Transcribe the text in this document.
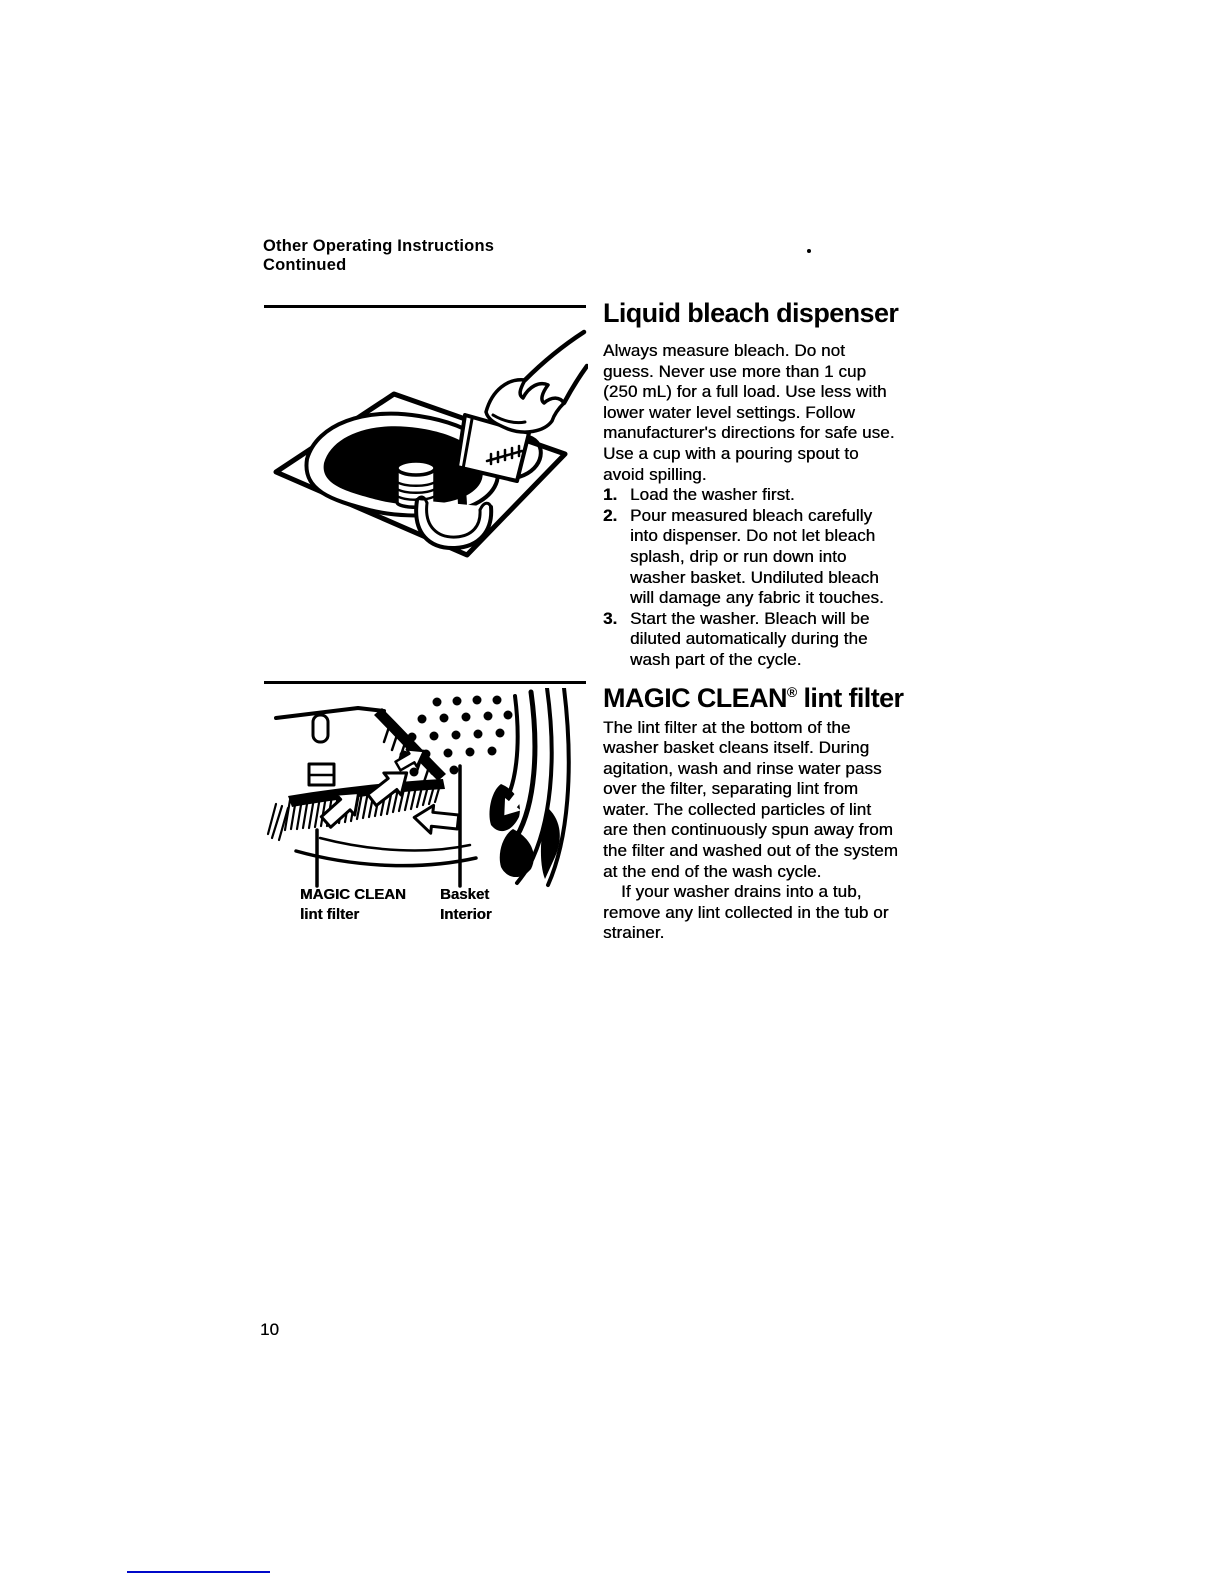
Other Operating Instructions
Continued
MAGIC CLEAN
lint filter
Basket
Interior
Liquid bleach dispenser
Always measure bleach. Do not
guess. Never use more than 1 cup
(250 mL) for a full load. Use less with
lower water level settings. Follow
manufacturer's directions for safe use.
Use a cup with a pouring spout to
avoid spilling.
1. Load the washer first.
2. Pour measured bleach carefully
into dispenser. Do not let bleach
splash, drip or run down into
washer basket. Undiluted bleach
will damage any fabric it touches.
3. Start the washer. Bleach will be
diluted automatically during the
wash part of the cycle.
MAGIC CLEAN® lint filter
The lint filter at the bottom of the
washer basket cleans itself. During
agitation, wash and rinse water pass
over the filter, separating lint from
water. The collected particles of lint
are then continuously spun away from
the filter and washed out of the system
at the end of the wash cycle.
If your washer drains into a tub,
remove any lint collected in the tub or
strainer.
10
